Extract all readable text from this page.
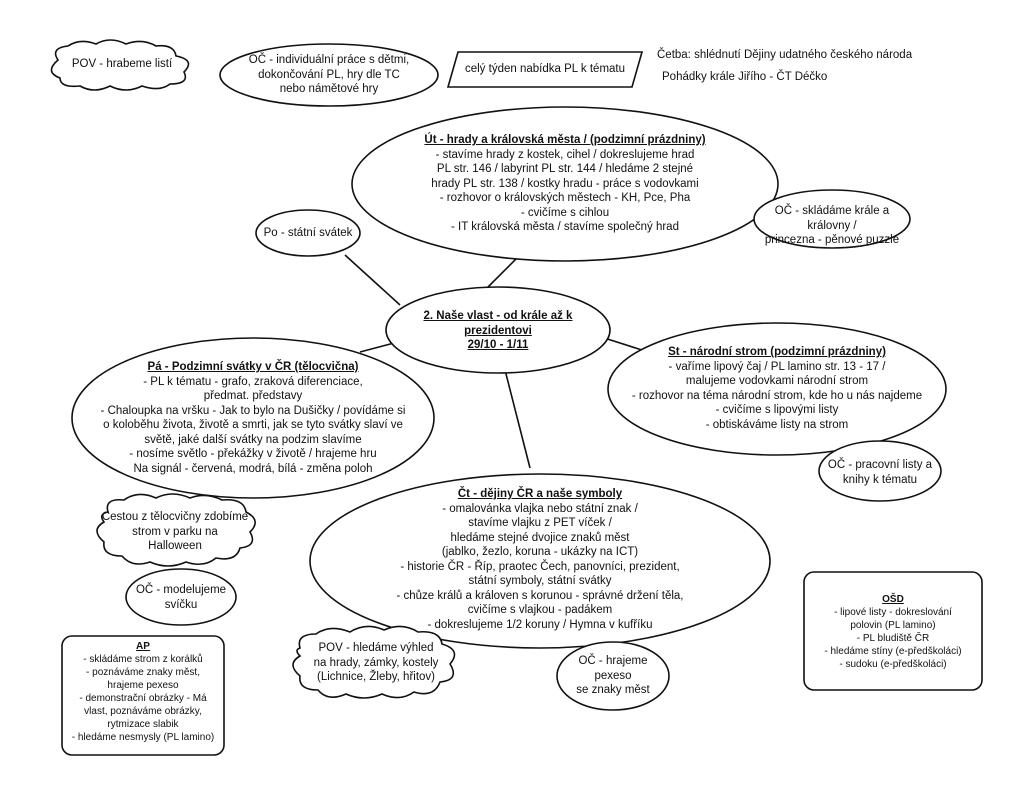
POV - hrabeme listí	OČ - individuální práce s dětmi,
dokončování PL, hry dle TC
nebo námětové hry
celý týden nabídka PL k tématu
Četba: shlédnutí Dějiny udatného českého národa
Pohádky krále Jiřího - ČT Déčko
Út - hrady a královská města / (podzimní prázdniny)
- stavíme hrady z kostek, cihel / dokreslujeme hrad
PL str. 146 / labyrint PL str. 144 / hledáme 2 stejné
hrady PL str. 138 / kostky hradu - práce s vodovkami
- rozhovor o královských městech - KH, Pce, Pha
- cvičíme s cihlou
- IT královská města / stavíme společný hrad
Po - státní svátek
OČ - skládáme krále a královny /
princezna - pěnové puzzle
2. Naše vlast - od krále až k
prezidentovi
29/10 - 1/11
St - národní strom (podzimní prázdniny)
- vaříme lipový čaj / PL lamino str. 13 - 17 /
malujeme vodovkami národní strom
- rozhovor na téma národní strom, kde ho u nás najdeme
- cvičíme s lipovými listy
- obtiskáváme listy na strom
OČ - pracovní listy a
knihy k tématu
Pá - Podzimní svátky v ČR (tělocvična)
- PL k tématu - grafo, zraková diferenciace,
předmat. představy
- Chaloupka na vršku - Jak to bylo na Dušičky / povídáme si
o koloběhu života, životě a smrti, jak se tyto svátky slaví ve
světě, jaké další svátky na podzim slavíme
- nosíme světlo - překážky v životě / hrajeme hru
Na signál - červená, modrá, bílá - změna poloh
Cestou z tělocvičny zdobíme
strom v parku na
Halloween
OČ - modelujeme
svíčku
Čt - dějiny ČR a naše symboly
- omalovánka vlajka nebo státní znak /
stavíme vlajku z PET víček /
hledáme stejné dvojice znaků měst
(jablko, žezlo, koruna - ukázky na ICT)
- historie ČR - Říp, praotec Čech, panovníci, prezident,
státní symboly, státní svátky
- chůze králů a královen s korunou - správné držení těla,
cvičíme s vlajkou - padákem
- dokreslujeme 1/2 koruny / Hymna v kufříku
POV - hledáme výhled
na hrady, zámky, kostely
(Lichnice, Žleby, hřitov)
OČ - hrajeme
pexeso
se znaky měst
AP
- skládáme strom z korálků
- poznáváme znaky měst,
hrajeme pexeso
- demonstrační obrázky - Má
vlast, poznáváme obrázky,
rytmizace slabik
- hledáme nesmysly (PL lamino)
OŠD
- lipové listy - dokreslování
polovin (PL lamino)
- PL bludiště ČR
- hledáme stíny (e-předškoláci)
- sudoku (e-předškoláci)
